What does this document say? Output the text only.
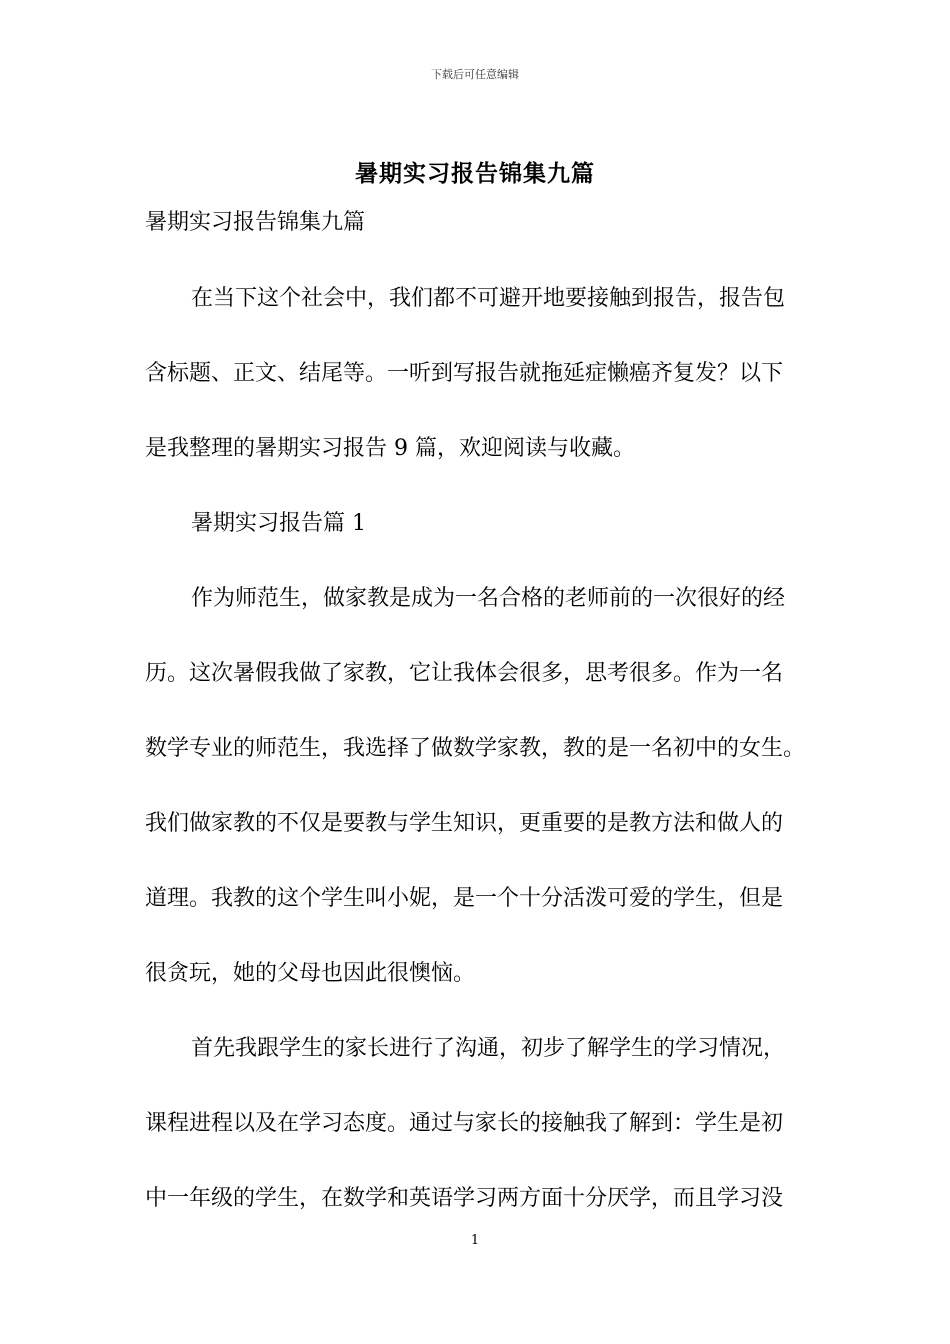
下载后可任意编辑
暑期实习报告锦集九篇
暑期实习报告锦集九篇
在当下这个社会中，我们都不可避开地要接触到报告，报告包
含标题、正文、结尾等。一听到写报告就拖延症懒癌齐复发？以下
是我整理的暑期实习报告 9 篇，欢迎阅读与收藏。
暑期实习报告篇 1
作为师范生，做家教是成为一名合格的老师前的一次很好的经
历。这次暑假我做了家教，它让我体会很多，思考很多。作为一名
数学专业的师范生，我选择了做数学家教，教的是一名初中的女生。
我们做家教的不仅是要教与学生知识，更重要的是教方法和做人的
道理。我教的这个学生叫小妮，是一个十分活泼可爱的学生，但是
很贪玩，她的父母也因此很懊恼。
首先我跟学生的家长进行了沟通，初步了解学生的学习情况，
课程进程以及在学习态度。通过与家长的接触我了解到：学生是初
中一年级的学生，在数学和英语学习两方面十分厌学，而且学习没
1
